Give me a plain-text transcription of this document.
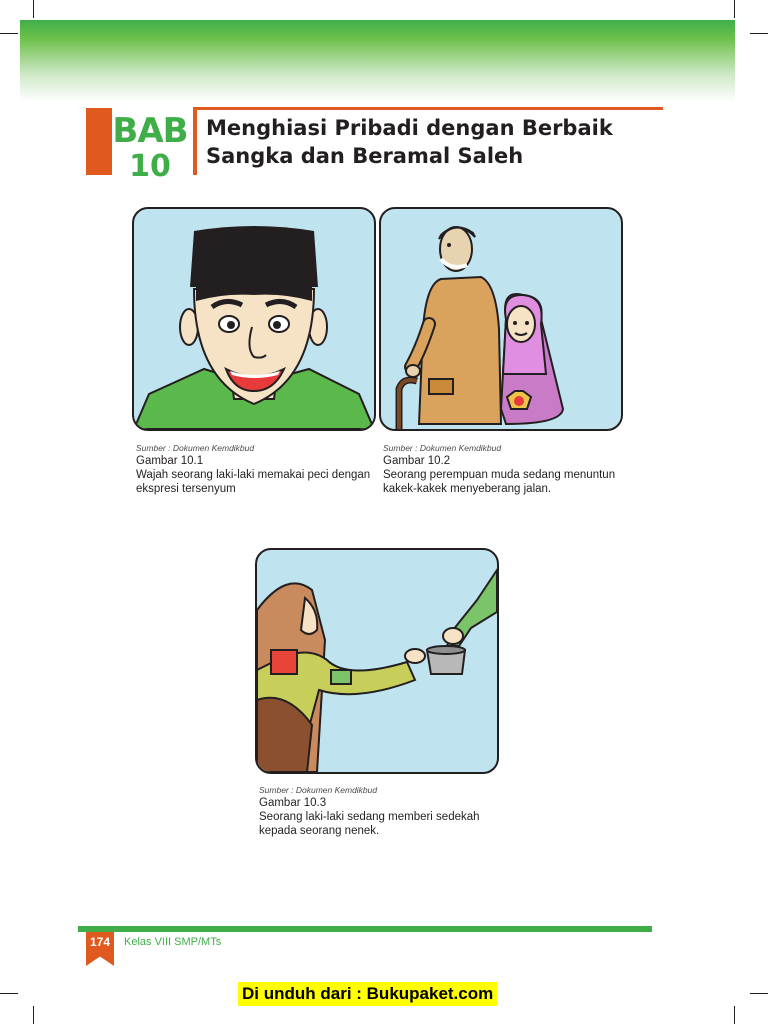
BAB
10
Menghiasi Pribadi dengan Berbaik
Sangka dan Beramal Saleh
Sumber : Dokumen Kemdikbud
Gambar 10.1
Wajah seorang laki-laki memakai peci dengan
ekspresi tersenyum
Sumber : Dokumen Kemdikbud
Gambar 10.2
Seorang perempuan muda sedang menuntun
kakek-kakek menyeberang jalan.
Sumber : Dokumen Kemdikbud
Gambar 10.3
Seorang laki-laki sedang memberi sedekah
kepada seorang nenek.
174	Kelas VIII SMP/MTs
Di unduh dari : Bukupaket.com
